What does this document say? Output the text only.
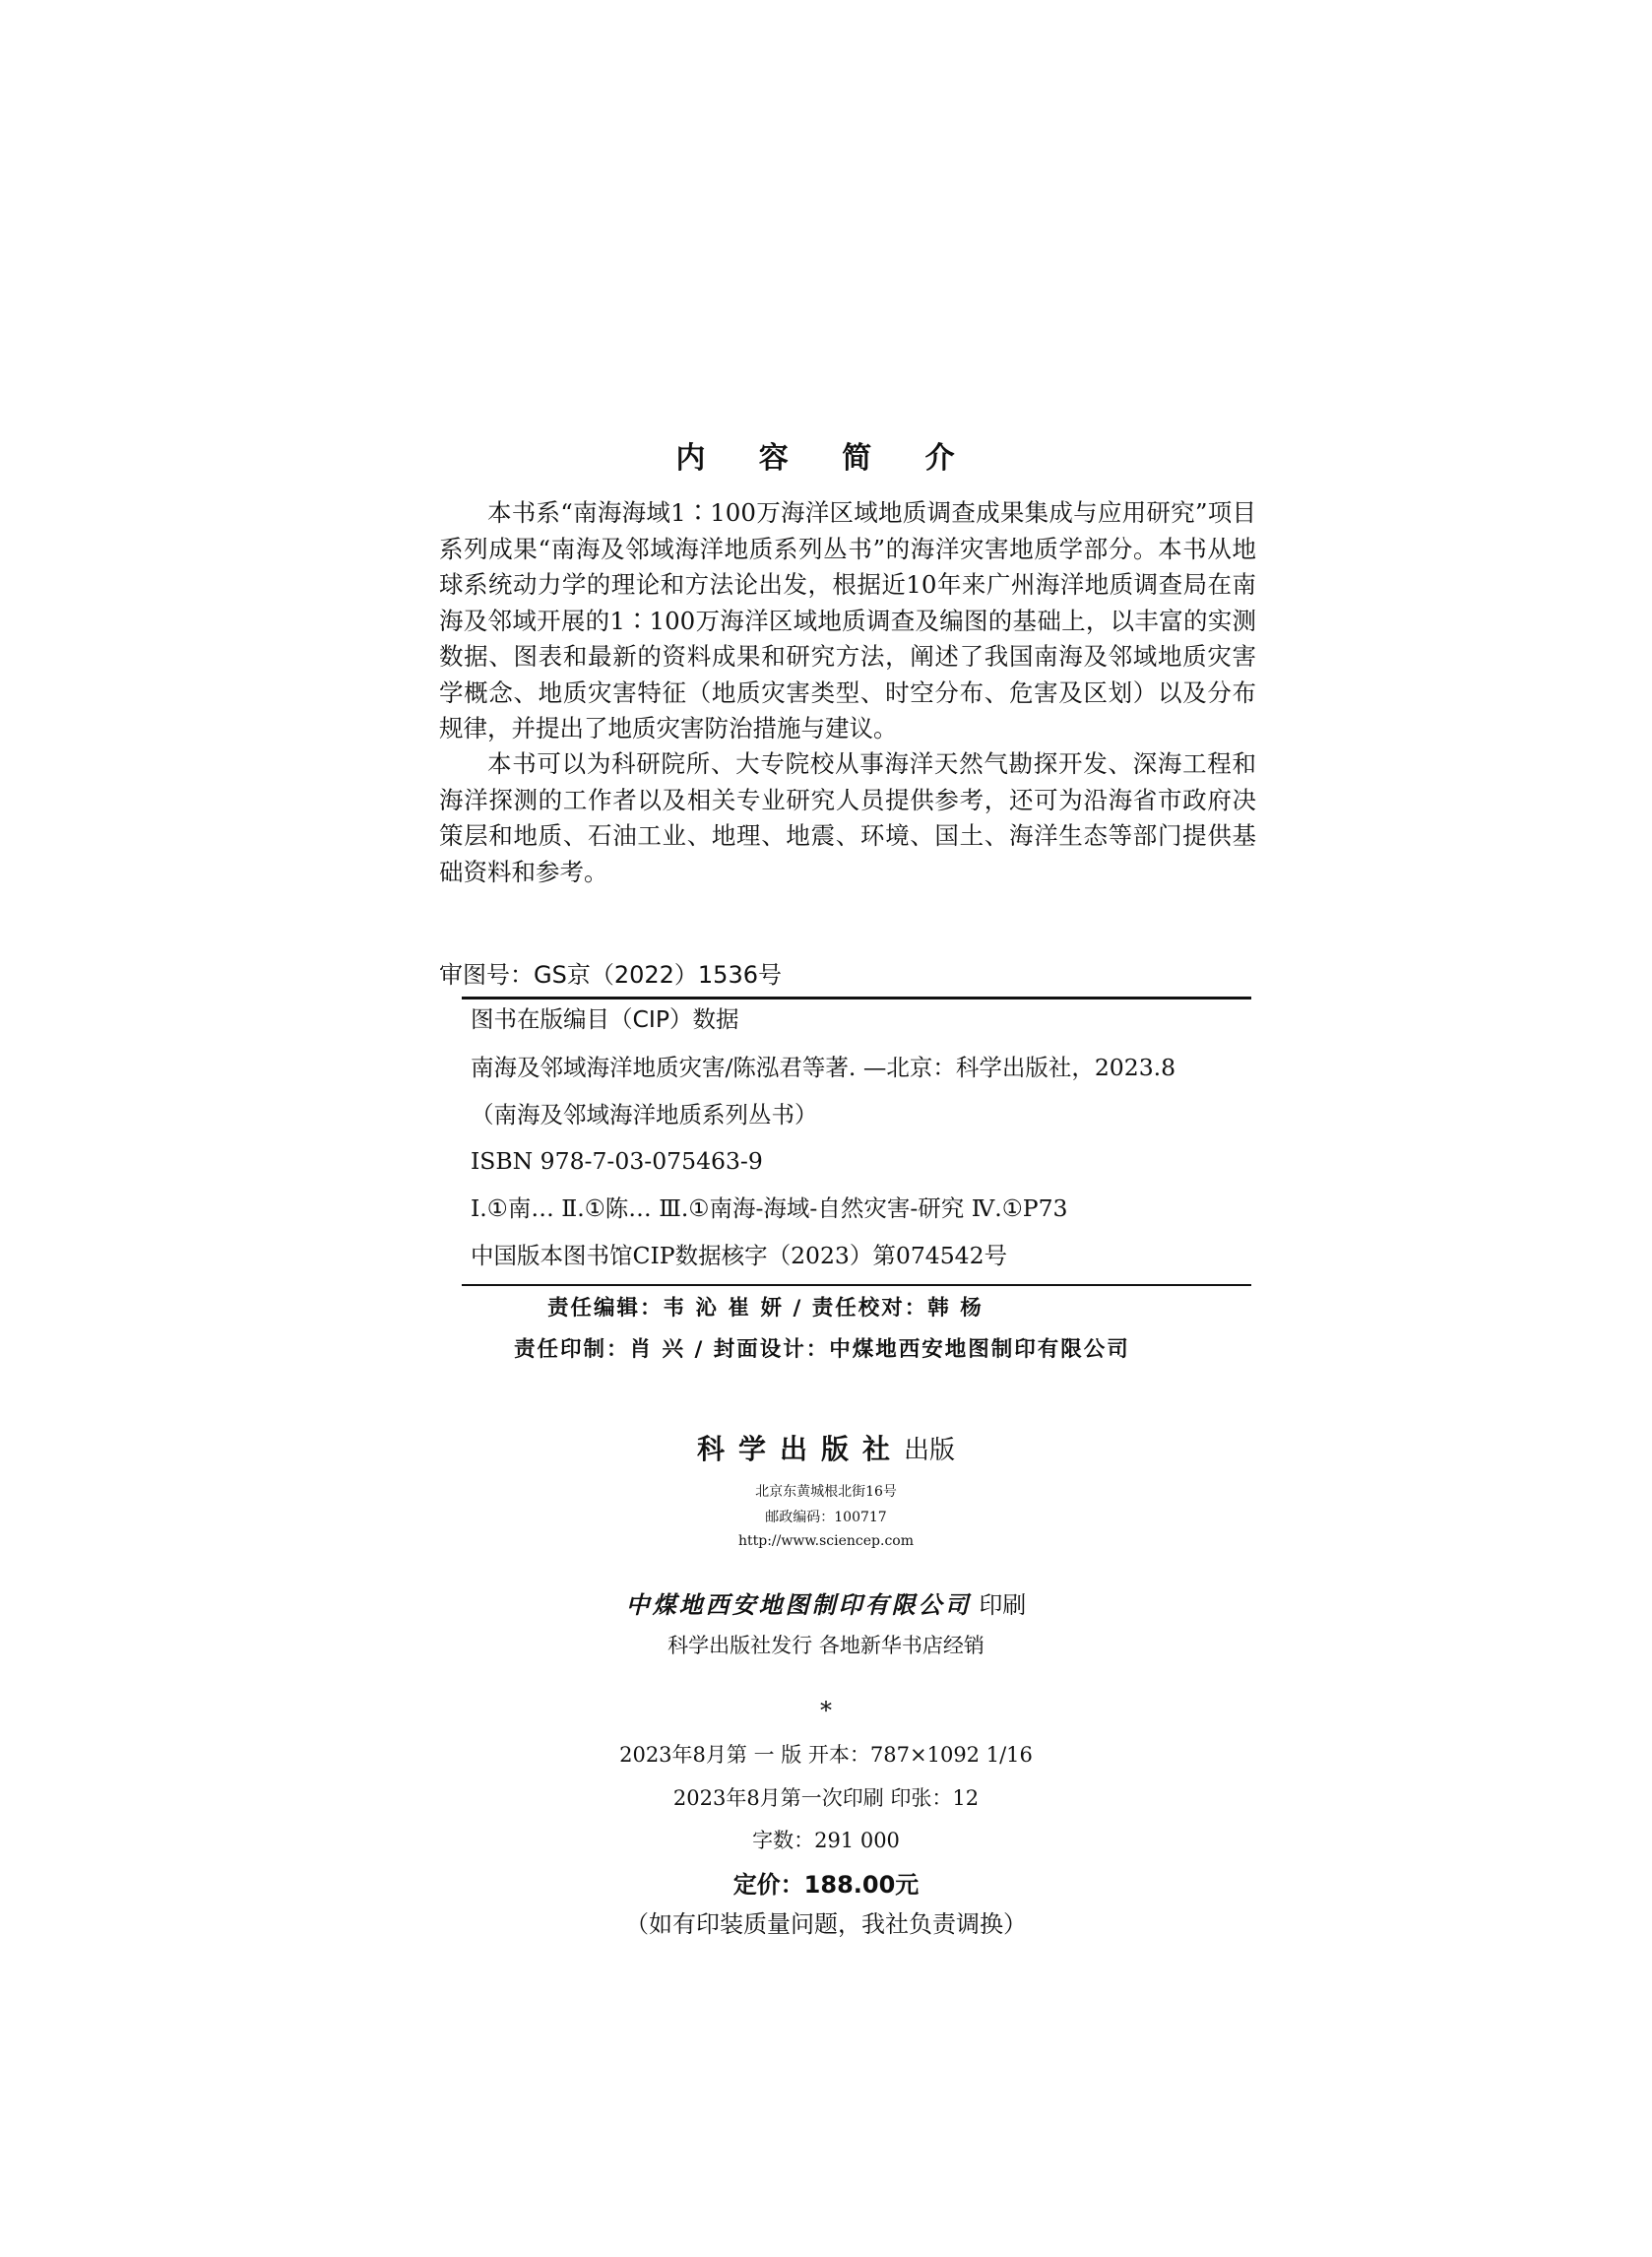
内 容 简 介

本书系“南海海域1∶100万海洋区域地质调查成果集成与应用研究”项目系列成果“南海及邻域海洋地质系列丛书”的海洋灾害地质学部分。本书从地球系统动力学的理论和方法论出发，根据近10年来广州海洋地质调查局在南海及邻域开展的1∶100万海洋区域地质调查及编图的基础上，以丰富的实测数据、图表和最新的资料成果和研究方法，阐述了我国南海及邻域地质灾害学概念、地质灾害特征（地质灾害类型、时空分布、危害及区划）以及分布规律，并提出了地质灾害防治措施与建议。

本书可以为科研院所、大专院校从事海洋天然气勘探开发、深海工程和海洋探测的工作者以及相关专业研究人员提供参考，还可为沿海省市政府决策层和地质、石油工业、地理、地震、环境、国土、海洋生态等部门提供基础资料和参考。

审图号：GS京（2022）1536号
图书在版编目（CIP）数据
南海及邻域海洋地质灾害/陈泓君等著. —北京：科学出版社，2023.8
（南海及邻域海洋地质系列丛书）
ISBN 978-7-03-075463-9
Ⅰ.①南… Ⅱ.①陈… Ⅲ.①南海-海域-自然灾害-研究 Ⅳ.①P73
中国版本图书馆CIP数据核字（2023）第074542号
责任编辑：韦 沁 崔 妍 / 责任校对：韩 杨
责任印制：肖 兴 / 封面设计：中煤地西安地图制印有限公司
科学出版社出版
北京东黄城根北街16号
邮政编码：100717
http://www.sciencep.com
中煤地西安地图制印有限公司 印刷
科学出版社发行 各地新华书店经销
*
2023年8月第 一 版 开本：787×1092 1/16
2023年8月第一次印刷 印张：12
字数：291 000
定价：188.00元
（如有印装质量问题，我社负责调换）
